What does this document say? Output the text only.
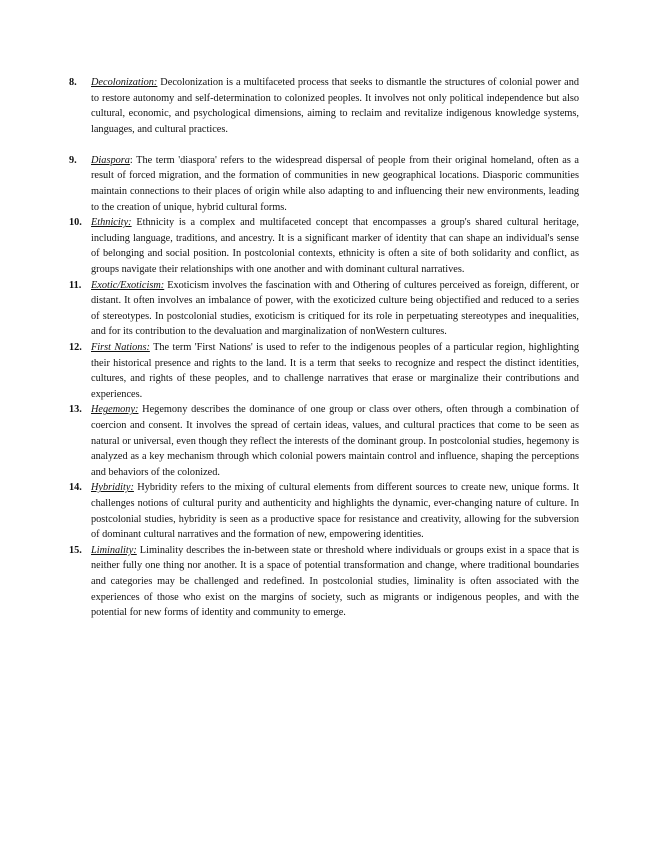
8.	Decolonization: Decolonization is a multifaceted process that seeks to dismantle the structures of colonial power and to restore autonomy and self-determination to colonized peoples. It involves not only political independence but also cultural, economic, and psychological dimensions, aiming to reclaim and revitalize indigenous knowledge systems, languages, and cultural practices.
9.	Diaspora: The term 'diaspora' refers to the widespread dispersal of people from their original homeland, often as a result of forced migration, and the formation of communities in new geographical locations. Diasporic communities maintain connections to their places of origin while also adapting to and influencing their new environments, leading to the creation of unique, hybrid cultural forms.
10. Ethnicity: Ethnicity is a complex and multifaceted concept that encompasses a group's shared cultural heritage, including language, traditions, and ancestry. It is a significant marker of identity that can shape an individual's sense of belonging and social position. In postcolonial contexts, ethnicity is often a site of both solidarity and conflict, as groups navigate their relationships with one another and with dominant cultural narratives.
11. Exotic/Exoticism: Exoticism involves the fascination with and Othering of cultures perceived as foreign, different, or distant. It often involves an imbalance of power, with the exoticized culture being objectified and reduced to a series of stereotypes. In postcolonial studies, exoticism is critiqued for its role in perpetuating stereotypes and inequalities, and for its contribution to the devaluation and marginalization of nonWestern cultures.
12. First Nations: The term 'First Nations' is used to refer to the indigenous peoples of a particular region, highlighting their historical presence and rights to the land. It is a term that seeks to recognize and respect the distinct identities, cultures, and rights of these peoples, and to challenge narratives that erase or marginalize their contributions and experiences.
13. Hegemony: Hegemony describes the dominance of one group or class over others, often through a combination of coercion and consent. It involves the spread of certain ideas, values, and cultural practices that come to be seen as natural or universal, even though they reflect the interests of the dominant group. In postcolonial studies, hegemony is analyzed as a key mechanism through which colonial powers maintain control and influence, shaping the perceptions and behaviors of the colonized.
14. Hybridity: Hybridity refers to the mixing of cultural elements from different sources to create new, unique forms. It challenges notions of cultural purity and authenticity and highlights the dynamic, ever-changing nature of culture. In postcolonial studies, hybridity is seen as a productive space for resistance and creativity, allowing for the subversion of dominant cultural narratives and the formation of new, empowering identities.
15. Liminality: Liminality describes the in-between state or threshold where individuals or groups exist in a space that is neither fully one thing nor another. It is a space of potential transformation and change, where traditional boundaries and categories may be challenged and redefined. In postcolonial studies, liminality is often associated with the experiences of those who exist on the margins of society, such as migrants or indigenous peoples, and with the potential for new forms of identity and community to emerge.
